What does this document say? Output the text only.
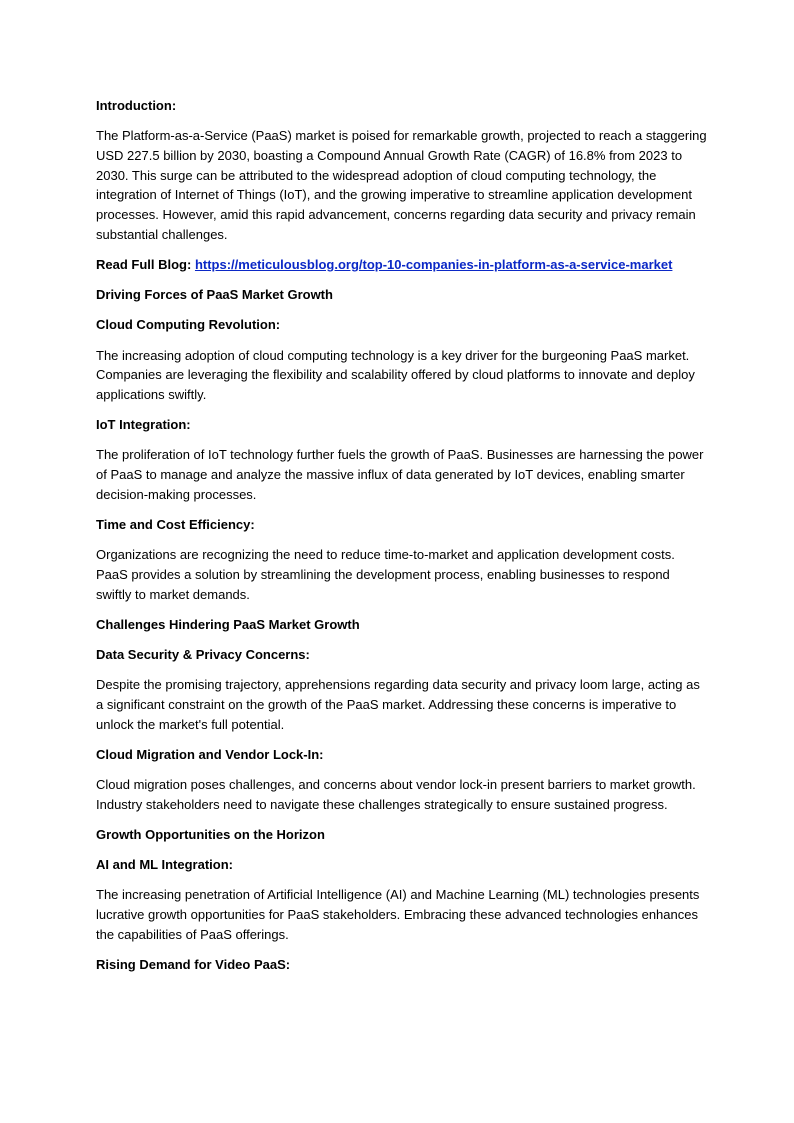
Introduction:

The Platform-as-a-Service (PaaS) market is poised for remarkable growth, projected to reach a staggering USD 227.5 billion by 2030, boasting a Compound Annual Growth Rate (CAGR) of 16.8% from 2023 to 2030. This surge can be attributed to the widespread adoption of cloud computing technology, the integration of Internet of Things (IoT), and the growing imperative to streamline application development processes. However, amid this rapid advancement, concerns regarding data security and privacy remain substantial challenges.

Read Full Blog: https://meticulousblog.org/top-10-companies-in-platform-as-a-service-market

Driving Forces of PaaS Market Growth

Cloud Computing Revolution:

The increasing adoption of cloud computing technology is a key driver for the burgeoning PaaS market. Companies are leveraging the flexibility and scalability offered by cloud platforms to innovate and deploy applications swiftly.

IoT Integration:

The proliferation of IoT technology further fuels the growth of PaaS. Businesses are harnessing the power of PaaS to manage and analyze the massive influx of data generated by IoT devices, enabling smarter decision-making processes.

Time and Cost Efficiency:

Organizations are recognizing the need to reduce time-to-market and application development costs. PaaS provides a solution by streamlining the development process, enabling businesses to respond swiftly to market demands.

Challenges Hindering PaaS Market Growth

Data Security & Privacy Concerns:

Despite the promising trajectory, apprehensions regarding data security and privacy loom large, acting as a significant constraint on the growth of the PaaS market. Addressing these concerns is imperative to unlock the market's full potential.

Cloud Migration and Vendor Lock-In:

Cloud migration poses challenges, and concerns about vendor lock-in present barriers to market growth. Industry stakeholders need to navigate these challenges strategically to ensure sustained progress.

Growth Opportunities on the Horizon

AI and ML Integration:

The increasing penetration of Artificial Intelligence (AI) and Machine Learning (ML) technologies presents lucrative growth opportunities for PaaS stakeholders. Embracing these advanced technologies enhances the capabilities of PaaS offerings.

Rising Demand for Video PaaS:
